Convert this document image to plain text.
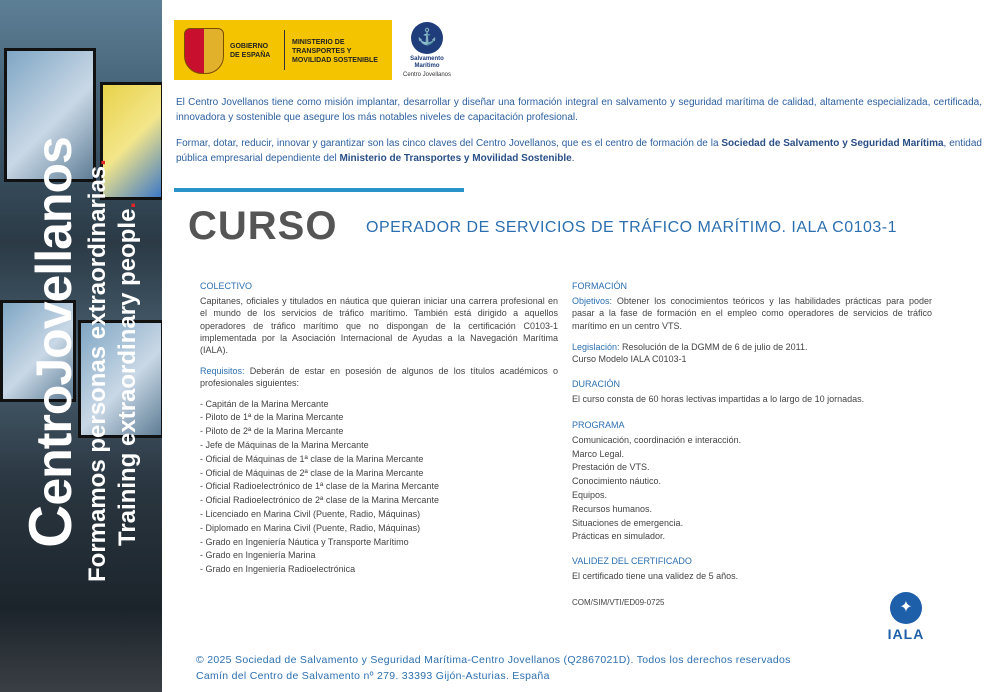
CentroJovellanos Formamos personas extraordinarias.
Training extraordinary people.
GOBIERNO DE ESPAÑA
MINISTERIO DE TRANSPORTES Y MOVILIDAD SOSTENIBLE
⚓
Salvamento Marítimo
Centro Jovellanos
El Centro Jovellanos tiene como misión implantar, desarrollar y diseñar una formación integral en salvamento y seguridad marítima de calidad, altamente especializada, certificada, innovadora y sostenible que asegure los más notables niveles de capacitación profesional.
Formar, dotar, reducir, innovar y garantizar son las cinco claves del Centro Jovellanos, que es el centro de formación de la Sociedad de Salvamento y Seguridad Marítima, entidad pública empresarial dependiente del Ministerio de Transportes y Movilidad Sostenible.
CURSO OPERADOR DE SERVICIOS DE TRÁFICO MARÍTIMO. IALA C0103-1
COLECTIVO
Capitanes, oficiales y titulados en náutica que quieran iniciar una carrera profesional en el mundo de los servicios de tráfico marítimo. También está dirigido a aquellos operadores de tráfico marítimo que no dispongan de la certificación C0103-1 implementada por la Asociación Internacional de Ayudas a la Navegación Marítima (IALA).
Requisitos: Deberán de estar en posesión de algunos de los títulos académicos o profesionales siguientes:
- Capitán de la Marina Mercante
- Piloto de 1ª de la Marina Mercante
- Piloto de 2ª de la Marina Mercante
- Jefe de Máquinas de la Marina Mercante
- Oficial de Máquinas de 1ª clase de la Marina Mercante
- Oficial de Máquinas de 2ª clase de la Marina Mercante
- Oficial Radioelectrónico de 1ª clase de la Marina Mercante
- Oficial Radioelectrónico de 2ª clase de la Marina Mercante
- Licenciado en Marina Civil (Puente, Radio, Máquinas)
- Diplomado en Marina Civil (Puente, Radio, Máquinas)
- Grado en Ingeniería Náutica y Transporte Marítimo
- Grado en Ingeniería Marina
- Grado en Ingeniería Radioelectrónica
FORMACIÓN
Objetivos: Obtener los conocimientos teóricos y las habilidades prácticas para poder pasar a la fase de formación en el empleo como operadores de servicios de tráfico marítimo en un centro VTS.
Legislación: Resolución de la DGMM de 6 de julio de 2011.
Curso Modelo IALA C0103-1
DURACIÓN
El curso consta de 60 horas lectivas impartidas a lo largo de 10 jornadas.
PROGRAMA
Comunicación, coordinación e interacción.
Marco Legal.
Prestación de VTS.
Conocimiento náutico.
Equipos.
Recursos humanos.
Situaciones de emergencia.
Prácticas en simulador.
VALIDEZ DEL CERTIFICADO
El certificado tiene una validez de 5 años.
COM/SIM/VTI/ED09-0725	✦
IALA
© 2025 Sociedad de Salvamento y Seguridad Marítima-Centro Jovellanos (Q2867021D). Todos los derechos reservados
Camín del Centro de Salvamento nº 279. 33393 Gijón-Asturias. España
